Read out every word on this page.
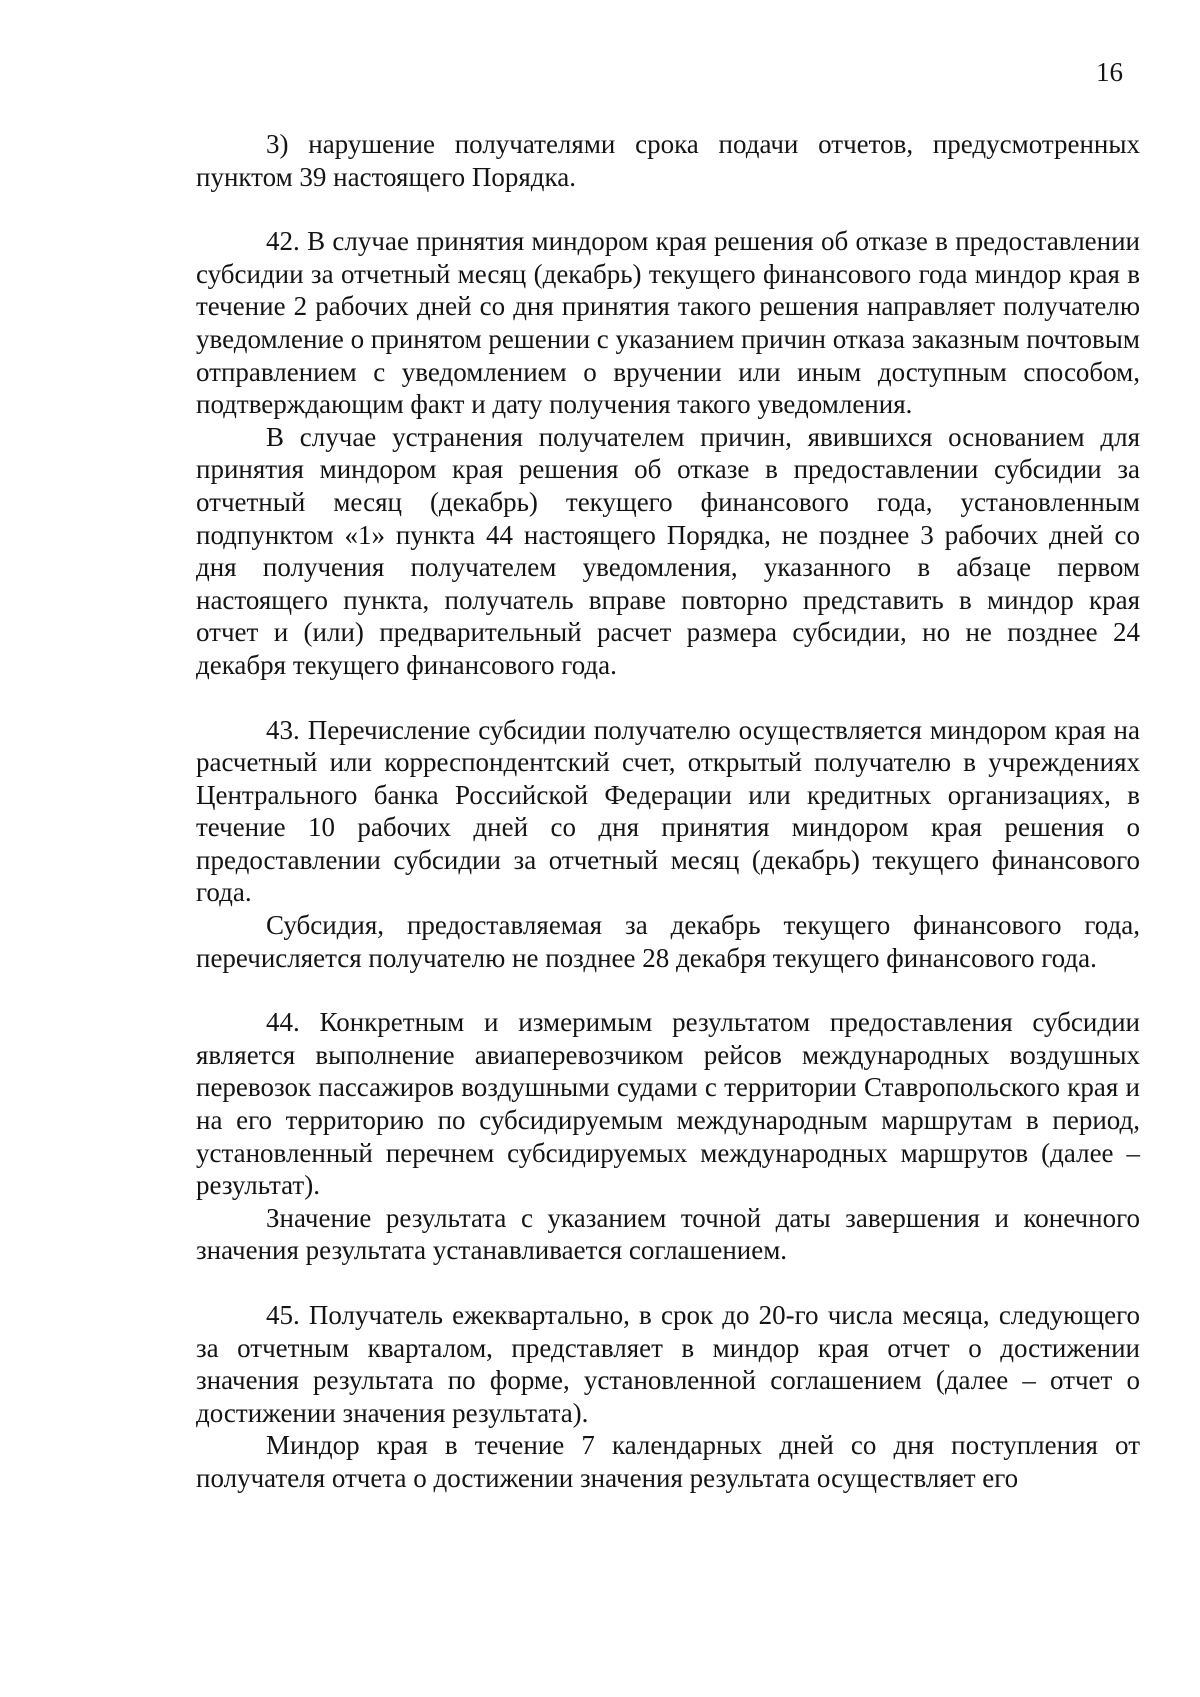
16

3) нарушение получателями срока подачи отчетов, предусмотренных пунктом 39 настоящего Порядка.

42. В случае принятия миндором края решения об отказе в предоставлении субсидии за отчетный месяц (декабрь) текущего финансового года миндор края в течение 2 рабочих дней со дня принятия такого решения направляет получателю уведомление о принятом решении с указанием причин отказа заказным почтовым отправлением с уведомлением о вручении или иным доступным способом, подтверждающим факт и дату получения такого уведомления.

В случае устранения получателем причин, явившихся основанием для принятия миндором края решения об отказе в предоставлении субсидии за отчетный месяц (декабрь) текущего финансового года, установленным подпунктом «1» пункта 44 настоящего Порядка, не позднее 3 рабочих дней со дня получения получателем уведомления, указанного в абзаце первом настоящего пункта, получатель вправе повторно представить в миндор края отчет и (или) предварительный расчет размера субсидии, но не позднее 24 декабря текущего финансового года.

43. Перечисление субсидии получателю осуществляется миндором края на расчетный или корреспондентский счет, открытый получателю в учреждениях Центрального банка Российской Федерации или кредитных организациях, в течение 10 рабочих дней со дня принятия миндором края решения о предоставлении субсидии за отчетный месяц (декабрь) текущего финансового года.

Субсидия, предоставляемая за декабрь текущего финансового года, перечисляется получателю не позднее 28 декабря текущего финансового года.

44. Конкретным и измеримым результатом предоставления субсидии является выполнение авиаперевозчиком рейсов международных воздушных перевозок пассажиров воздушными судами с территории Ставропольского края и на его территорию по субсидируемым международным маршрутам в период, установленный перечнем субсидируемых международных маршрутов (далее – результат).

Значение результата с указанием точной даты завершения и конечного значения результата устанавливается соглашением.

45. Получатель ежеквартально, в срок до 20-го числа месяца, следующего за отчетным кварталом, представляет в миндор края отчет о достижении значения результата по форме, установленной соглашением (далее – отчет о достижении значения результата).

Миндор края в течение 7 календарных дней со дня поступления от получателя отчета о достижении значения результата осуществляет его
